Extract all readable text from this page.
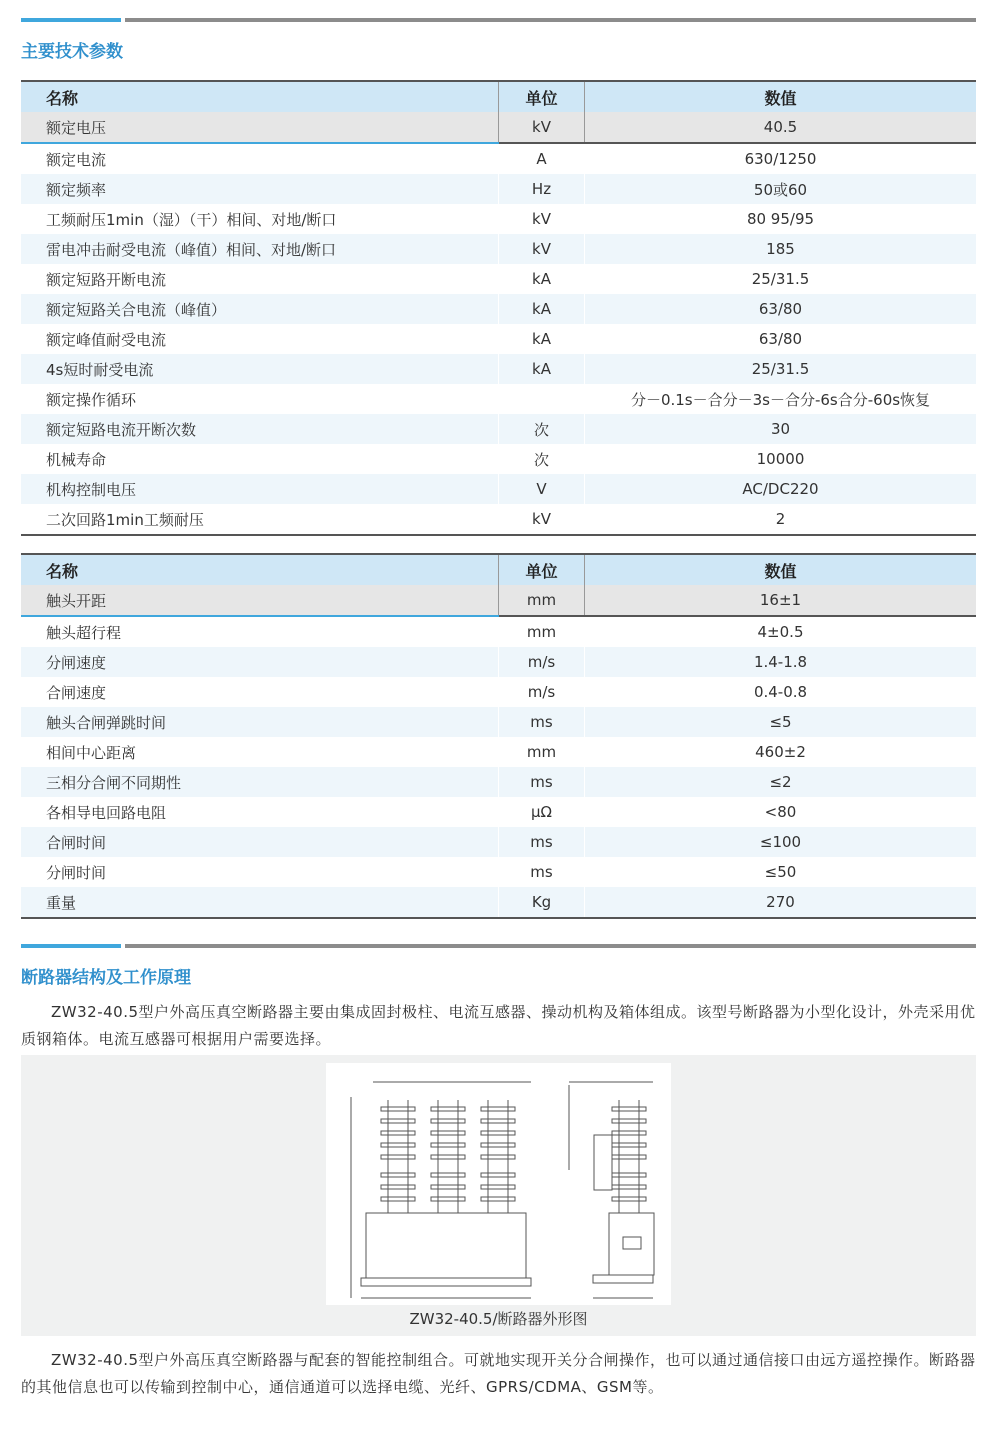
主要技术参数
名称	单位	数值
额定电压	kV	40.5
额定电流	A	630/1250
额定频率	Hz	50或60
工频耐压1min（湿）（干）相间、对地/断口	kV	80 95/95
雷电冲击耐受电流（峰值）相间、对地/断口	kV	185
额定短路开断电流	kA	25/31.5
额定短路关合电流（峰值）	kA	63/80
额定峰值耐受电流	kA	63/80
4s短时耐受电流	kA	25/31.5
额定操作循环		分－0.1s－合分－3s－合分-6s合分-60s恢复
额定短路电流开断次数	次	30
机械寿命	次	10000
机构控制电压	V	AC/DC220
二次回路1min工频耐压	kV	2
名称	单位	数值
触头开距	mm	16±1
触头超行程	mm	4±0.5
分闸速度	m/s	1.4-1.8
合闸速度	m/s	0.4-0.8
触头合闸弹跳时间	ms	≤5
相间中心距离	mm	460±2
三相分合闸不同期性	ms	≤2
各相导电回路电阻	μΩ	<80
合闸时间	ms	≤100
分闸时间	ms	≤50
重量	Kg	270
断路器结构及工作原理
ZW32-40.5型户外高压真空断路器主要由集成固封极柱、电流互感器、操动机构及箱体组成。该型号断路器为小型化设计，外壳采用优质钢箱体。电流互感器可根据用户需要选择。
ZW32-40.5/断路器外形图
ZW32-40.5型户外高压真空断路器与配套的智能控制组合。可就地实现开关分合闸操作，也可以通过通信接口由远方遥控操作。断路器的其他信息也可以传输到控制中心，通信通道可以选择电缆、光纤、GPRS/CDMA、GSM等。
